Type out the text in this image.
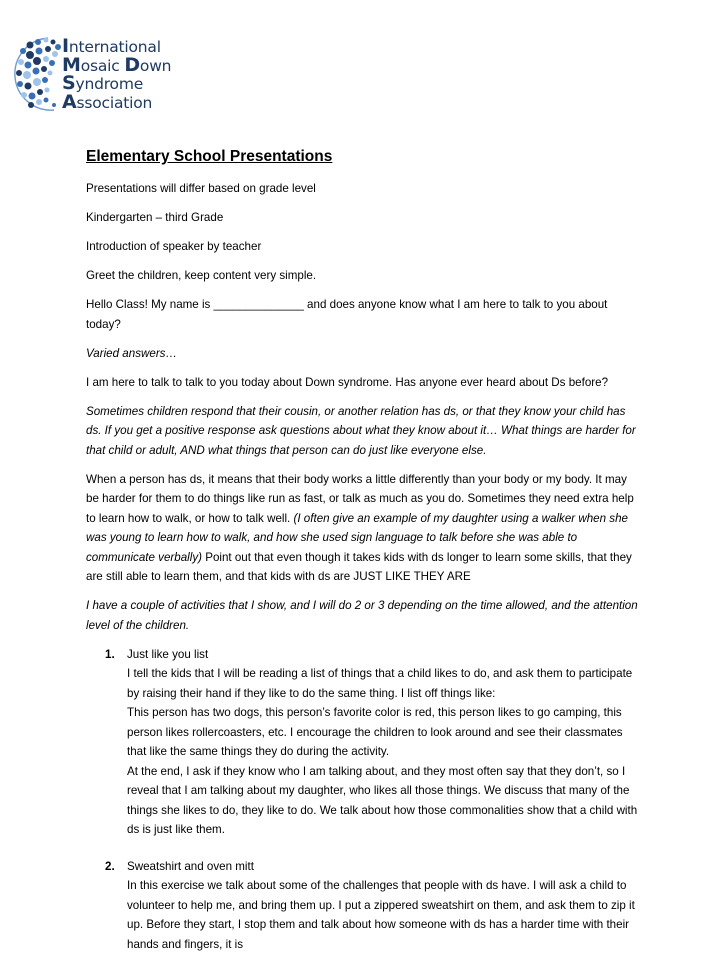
International
Mosaic Down Syndrome
Association
Elementary School Presentations

Presentations will differ based on grade level

Kindergarten – third Grade

Introduction of speaker by teacher

Greet the children, keep content very simple.

Hello Class! My name is ______________ and does anyone know what I am here to talk to you about today?

Varied answers…

I am here to talk to talk to you today about Down syndrome. Has anyone ever heard about Ds before?

Sometimes children respond that their cousin, or another relation has ds, or that they know your child has ds. If you get a positive response ask questions about what they know about it… What things are harder for that child or adult, AND what things that person can do just like everyone else.

When a person has ds, it means that their body works a little differently than your body or my body. It may be harder for them to do things like run as fast, or talk as much as you do. Sometimes they need extra help to learn how to walk, or how to talk well. (I often give an example of my daughter using a walker when she was young to learn how to walk, and how she used sign language to talk before she was able to communicate verbally) Point out that even though it takes kids with ds longer to learn some skills, that they are still able to learn them, and that kids with ds are JUST LIKE THEY ARE

I have a couple of activities that I show, and I will do 2 or 3 depending on the time allowed, and the attention level of the children.

1. Just like you list
I tell the kids that I will be reading a list of things that a child likes to do, and ask them to participate by raising their hand if they like to do the same thing. I list off things like:
This person has two dogs, this person’s favorite color is red, this person likes to go camping, this person likes rollercoasters, etc. I encourage the children to look around and see their classmates that like the same things they do during the activity.
At the end, I ask if they know who I am talking about, and they most often say that they don’t, so I reveal that I am talking about my daughter, who likes all those things. We discuss that many of the things she likes to do, they like to do. We talk about how those commonalities show that a child with ds is just like them.
2. Sweatshirt and oven mitt
In this exercise we talk about some of the challenges that people with ds have. I will ask a child to volunteer to help me, and bring them up. I put a zippered sweatshirt on them, and ask them to zip it up. Before they start, I stop them and talk about how someone with ds has a harder time with their hands and fingers, it is
